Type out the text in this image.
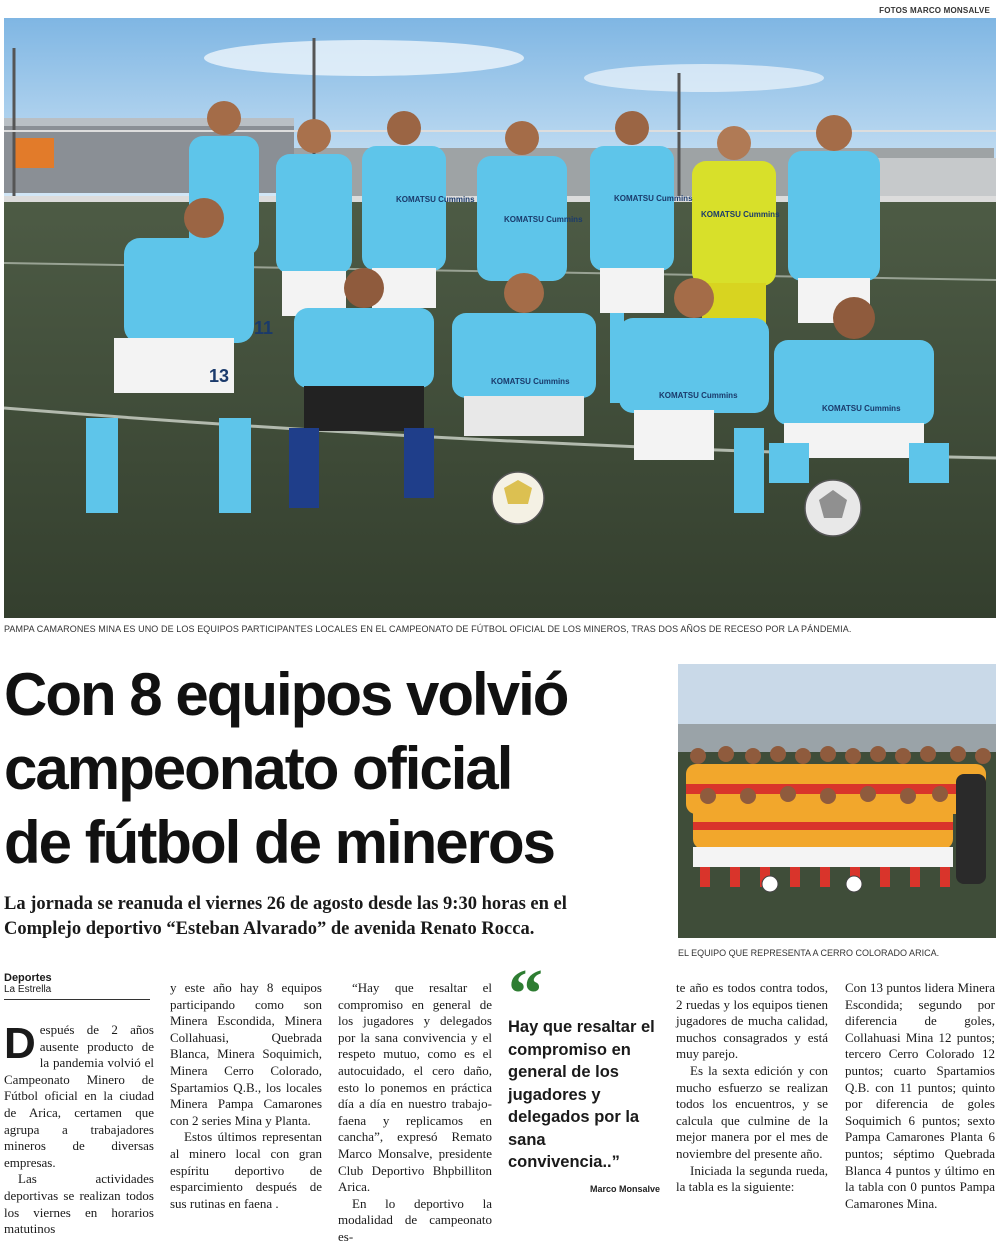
FOTOS MARCO MONSALVE
KOMATSU Cummins
KOMATSU Cummins
KOMATSU Cummins
KOMATSU Cummins
KOMATSU Cummins
KOMATSU Cummins
KOMATSU Cummins
13
11
PAMPA CAMARONES MINA ES UNO DE LOS EQUIPOS PARTICIPANTES LOCALES EN EL CAMPEONATO DE FÚTBOL OFICIAL DE LOS MINEROS, TRAS DOS AÑOS DE RECESO POR LA PÁNDEMIA.
Con 8 equipos volvió
campeonato oficial
de fútbol de mineros

La jornada se reanuda el viernes 26 de agosto desde las 9:30 horas en el
Complejo deportivo “Esteban Alvarado” de avenida Renato Rocca.

EL EQUIPO QUE REPRESENTA A CERRO COLORADO ARICA.
Deportes
La Estrella

Después de 2 años ausente producto de la pandemia volvió el Campeonato Minero de Fútbol oficial en la ciudad de Arica, certamen que agrupa a trabajadores mineros de diversas empresas.

Las actividades deportivas se realizan todos los viernes en horarios matutinos

y este año hay 8 equipos participando como son Minera Escondida, Minera Collahuasi, Quebrada Blanca, Minera Soquimich, Minera Cerro Colorado, Spartamios Q.B., los locales Minera Pampa Camarones con 2 series Mina y Planta.

Estos últimos representan al minero local con gran espíritu deportivo de esparcimiento después de sus rutinas en faena .

“Hay que resaltar el compromiso en general de los jugadores y delegados por la sana convivencia y el respeto mutuo, como es el autocuidado, el cero daño, esto lo ponemos en práctica día a día en nuestro trabajo-faena y replicamos en cancha”, expresó Remato Marco Monsalve, presidente Club Deportivo Bhpbilliton Arica.

En lo deportivo la modalidad de campeonato es-

“
Hay que resaltar el compromiso en general de los jugadores y delegados por la sana convivencia..”
Marco Monsalve

te año es todos contra todos, 2 ruedas y los equipos tienen jugadores de mucha calidad, muchos consagrados y está muy parejo.

Es la sexta edición y con mucho esfuerzo se realizan todos los encuentros, y se calcula que culmine de la mejor manera por el mes de noviembre del presente año.

Iniciada la segunda rueda, la tabla es la siguiente:

Con 13 puntos lidera Minera Escondida; segundo por diferencia de goles, Collahuasi Mina 12 puntos; tercero Cerro Colorado 12 puntos; cuarto Spartamios Q.B. con 11 puntos; quinto por diferencia de goles Soquimich 6 puntos; sexto Pampa Camarones Planta 6 puntos; séptimo Quebrada Blanca 4 puntos y último en la tabla con 0 puntos Pampa Camarones Mina.
